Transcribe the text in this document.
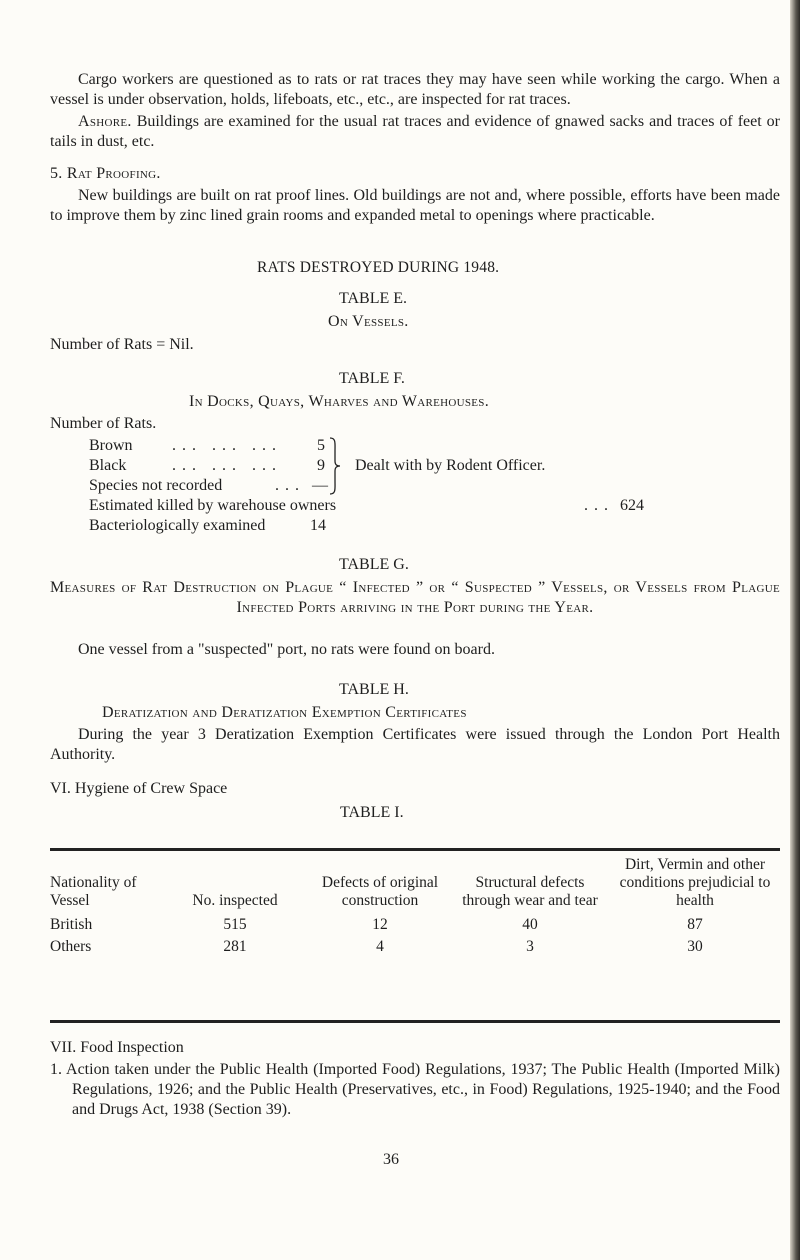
Cargo workers are questioned as to rats or rat traces they may have seen while working the cargo. When a vessel is under observation, holds, lifeboats, etc., etc., are inspected for rat traces.

Ashore. Buildings are examined for the usual rat traces and evidence of gnawed sacks and traces of feet or tails in dust, etc.

5. Rat Proofing.

New buildings are built on rat proof lines. Old buildings are not and, where possible, efforts have been made to improve them by zinc lined grain rooms and expanded metal to openings where practicable.

RATS DESTROYED DURING 1948.
TABLE E.
On Vessels.
Number of Rats = Nil.
TABLE F.
In Docks, Quays, Wharves and Warehouses.
Number of Rats.
Brown ... ... ... 5
Black	... ... ... 9
Species not recorded	... —
Dealt with by Rodent Officer.
Estimated killed by warehouse owners	... 624
Bacteriologically examined	14
TABLE G.

Measures of Rat Destruction on Plague “ Infected ” or “ Suspected ” Vessels, or Vessels from Plague Infected Ports arriving in the Port during the Year.

One vessel from a "suspected" port, no rats were found on board.

TABLE H.
Deratization and Deratization Exemption Certificates

During the year 3 Deratization Exemption Certificates were issued through the London Port Health Authority.

VI. Hygiene of Crew Space
TABLE I.
Nationality of Vessel	No. inspected	Defects of original construction	Structural defects through wear and tear	Dirt, Vermin and other conditions prejudicial to health
British	515	12	40	87
Others	281	4	3	30
VII. Food Inspection

1. Action taken under the Public Health (Imported Food) Regulations, 1937; The Public Health (Imported Milk) Regulations, 1926; and the Public Health (Preservatives, etc., in Food) Regulations, 1925-1940; and the Food and Drugs Act, 1938 (Section 39).

36
